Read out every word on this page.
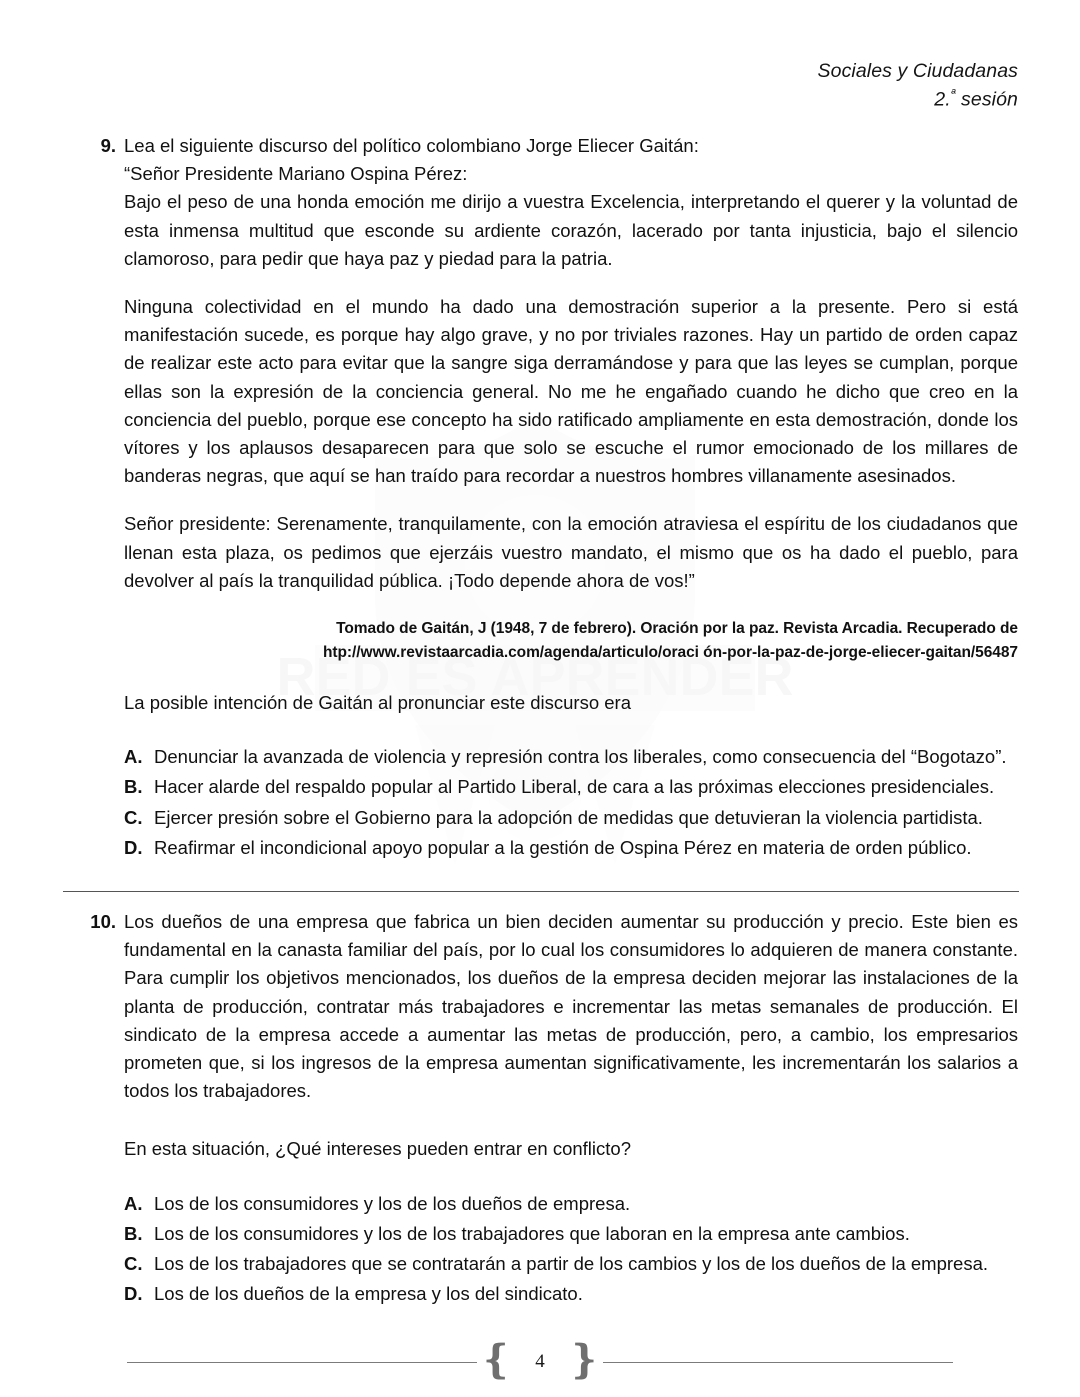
Sociales y Ciudadanas
2.$^ª$ sesión
9. Lea el siguiente discurso del político colombiano Jorge Eliecer Gaitán:

“Señor Presidente Mariano Ospina Pérez:

Bajo el peso de una honda emoción me dirijo a vuestra Excelencia, interpretando el querer y la voluntad de esta inmensa multitud que esconde su ardiente corazón, lacerado por tanta injusticia, bajo el silencio clamoroso, para pedir que haya paz y piedad para la patria.

Ninguna colectividad en el mundo ha dado una demostración superior a la presente. Pero si está manifestación sucede, es porque hay algo grave, y no por triviales razones. Hay un partido de orden capaz de realizar este acto para evitar que la sangre siga derramándose y para que las leyes se cumplan, porque ellas son la expresión de la conciencia general. No me he engañado cuando he dicho que creo en la conciencia del pueblo, porque ese concepto ha sido ratificado ampliamente en esta demostración, donde los vítores y los aplausos desaparecen para que solo se escuche el rumor emocionado de los millares de banderas negras, que aquí se han traído para recordar a nuestros hombres villanamente asesinados.

Señor presidente: Serenamente, tranquilamente, con la emoción atraviesa el espíritu de los ciudadanos que llenan esta plaza, os pedimos que ejerzáis vuestro mandato, el mismo que os ha dado el pueblo, para devolver al país la tranquilidad pública. ¡Todo depende ahora de vos!”

Tomado de Gaitán, J (1948, 7 de febrero). Oración por la paz. Revista Arcadia. Recuperado de
htp://www.revistaarcadia.com/agenda/articulo/oraci ón-por-la-paz-de-jorge-eliecer-gaitan/56487
La posible intención de Gaitán al pronunciar este discurso era
A. Denunciar la avanzada de violencia y represión contra los liberales, como consecuencia del “Bogotazo”.
B. Hacer alarde del respaldo popular al Partido Liberal, de cara a las próximas elecciones presidenciales.
C. Ejercer presión sobre el Gobierno para la adopción de medidas que detuvieran la violencia partidista.
D. Reafirmar el incondicional apoyo popular a la gestión de Ospina Pérez en materia de orden público.
10. Los dueños de una empresa que fabrica un bien deciden aumentar su producción y precio. Este bien es fundamental en la canasta familiar del país, por lo cual los consumidores lo adquieren de manera constante. Para cumplir los objetivos mencionados, los dueños de la empresa deciden mejorar las instalaciones de la planta de producción, contratar más trabajadores e incrementar las metas semanales de producción. El sindicato de la empresa accede a aumentar las metas de producción, pero, a cambio, los empresarios prometen que, si los ingresos de la empresa aumentan significativamente, les incrementarán los salarios a todos los trabajadores.

En esta situación, ¿Qué intereses pueden entrar en conflicto?
A. Los de los consumidores y los de los dueños de empresa.
B. Los de los consumidores y los de los trabajadores que laboran en la empresa ante cambios.
C. Los de los trabajadores que se contratarán a partir de los cambios y los de los dueños de la empresa.
D. Los de los dueños de la empresa y los del sindicato.
❴	4 ❵
